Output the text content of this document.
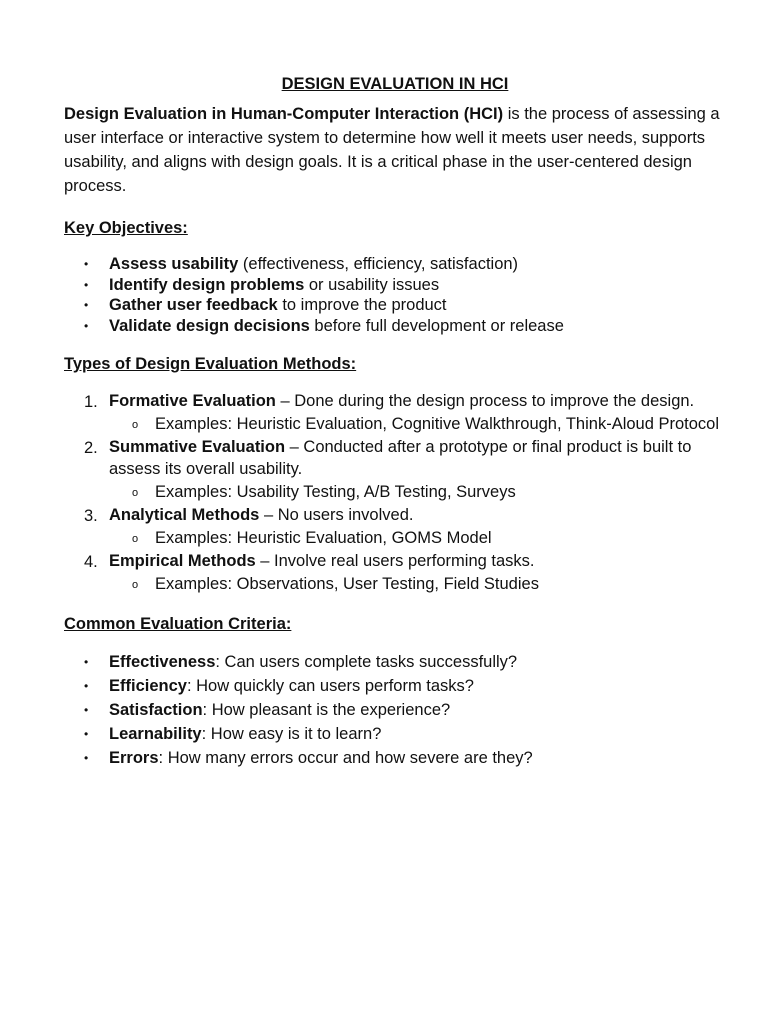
DESIGN EVALUATION IN HCI

Design Evaluation in Human-Computer Interaction (HCI) is the process of assessing a user interface or interactive system to determine how well it meets user needs, supports usability, and aligns with design goals. It is a critical phase in the user-centered design process.

Key Objectives:
• Assess usability (effectiveness, efficiency, satisfaction)
• Identify design problems or usability issues
• Gather user feedback to improve the product
• Validate design decisions before full development or release
Types of Design Evaluation Methods:
1. Formative Evaluation – Done during the design process to improve the design.
o Examples: Heuristic Evaluation, Cognitive Walkthrough, Think-Aloud Protocol
2. Summative Evaluation – Conducted after a prototype or final product is built to assess its overall usability.
o Examples: Usability Testing, A/B Testing, Surveys
3. Analytical Methods – No users involved.
o Examples: Heuristic Evaluation, GOMS Model
4. Empirical Methods – Involve real users performing tasks.
o Examples: Observations, User Testing, Field Studies
Common Evaluation Criteria:
• Effectiveness: Can users complete tasks successfully?
• Efficiency: How quickly can users perform tasks?
• Satisfaction: How pleasant is the experience?
• Learnability: How easy is it to learn?
• Errors: How many errors occur and how severe are they?
